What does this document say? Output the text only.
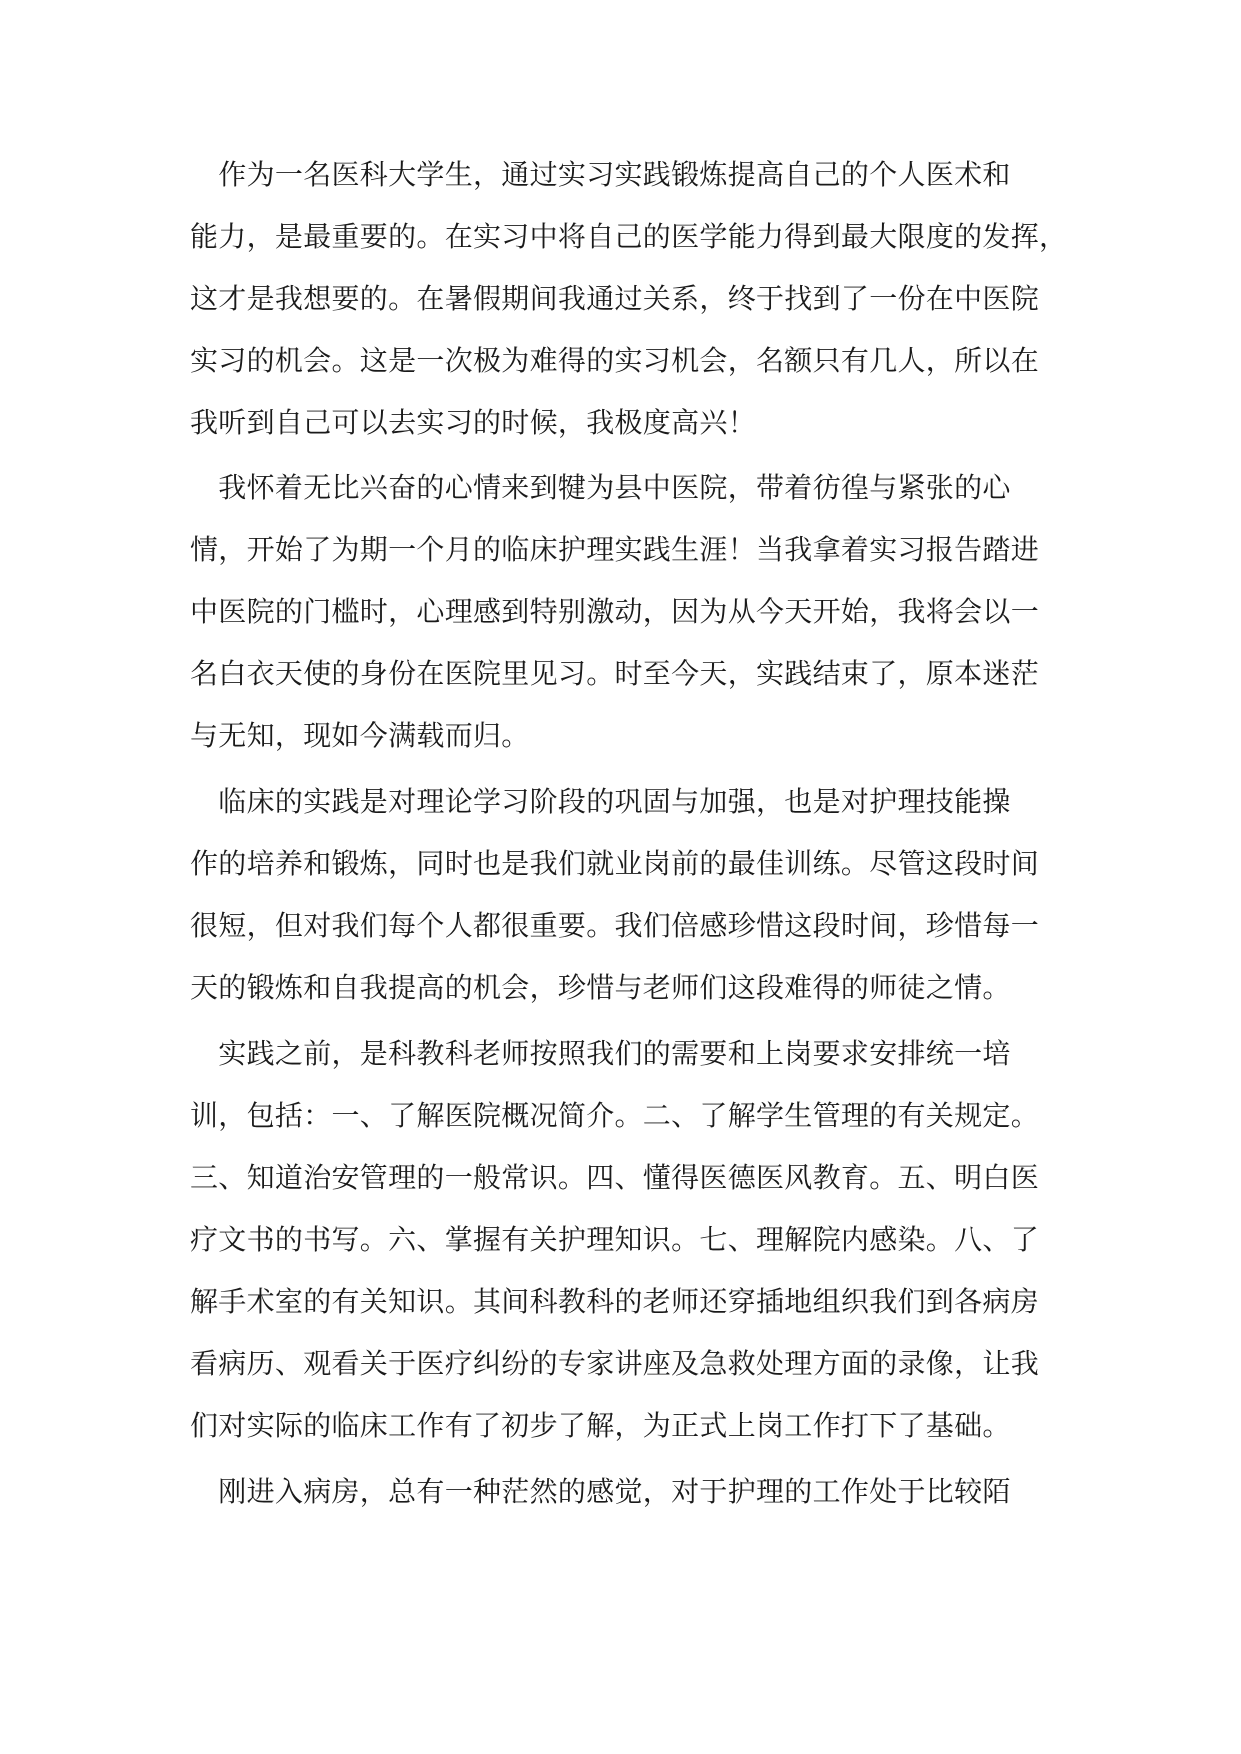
　作为一名医科大学生，通过实习实践锻炼提高自己的个人医术和
能力，是最重要的。在实习中将自己的医学能力得到最大限度的发挥，
这才是我想要的。在暑假期间我通过关系，终于找到了一份在中医院
实习的机会。这是一次极为难得的实习机会，名额只有几人，所以在
我听到自己可以去实习的时候，我极度高兴！
　我怀着无比兴奋的心情来到犍为县中医院，带着彷徨与紧张的心
情，开始了为期一个月的临床护理实践生涯！当我拿着实习报告踏进
中医院的门槛时，心理感到特别激动，因为从今天开始，我将会以一
名白衣天使的身份在医院里见习。时至今天，实践结束了，原本迷茫
与无知，现如今满载而归。
　临床的实践是对理论学习阶段的巩固与加强，也是对护理技能操
作的培养和锻炼，同时也是我们就业岗前的最佳训练。尽管这段时间
很短，但对我们每个人都很重要。我们倍感珍惜这段时间，珍惜每一
天的锻炼和自我提高的机会，珍惜与老师们这段难得的师徒之情。
　实践之前，是科教科老师按照我们的需要和上岗要求安排统一培
训，包括：一、了解医院概况简介。二、了解学生管理的有关规定。
三、知道治安管理的一般常识。四、懂得医德医风教育。五、明白医
疗文书的书写。六、掌握有关护理知识。七、理解院内感染。八、了
解手术室的有关知识。其间科教科的老师还穿插地组织我们到各病房
看病历、观看关于医疗纠纷的专家讲座及急救处理方面的录像，让我
们对实际的临床工作有了初步了解，为正式上岗工作打下了基础。
　刚进入病房，总有一种茫然的感觉，对于护理的工作处于比较陌
